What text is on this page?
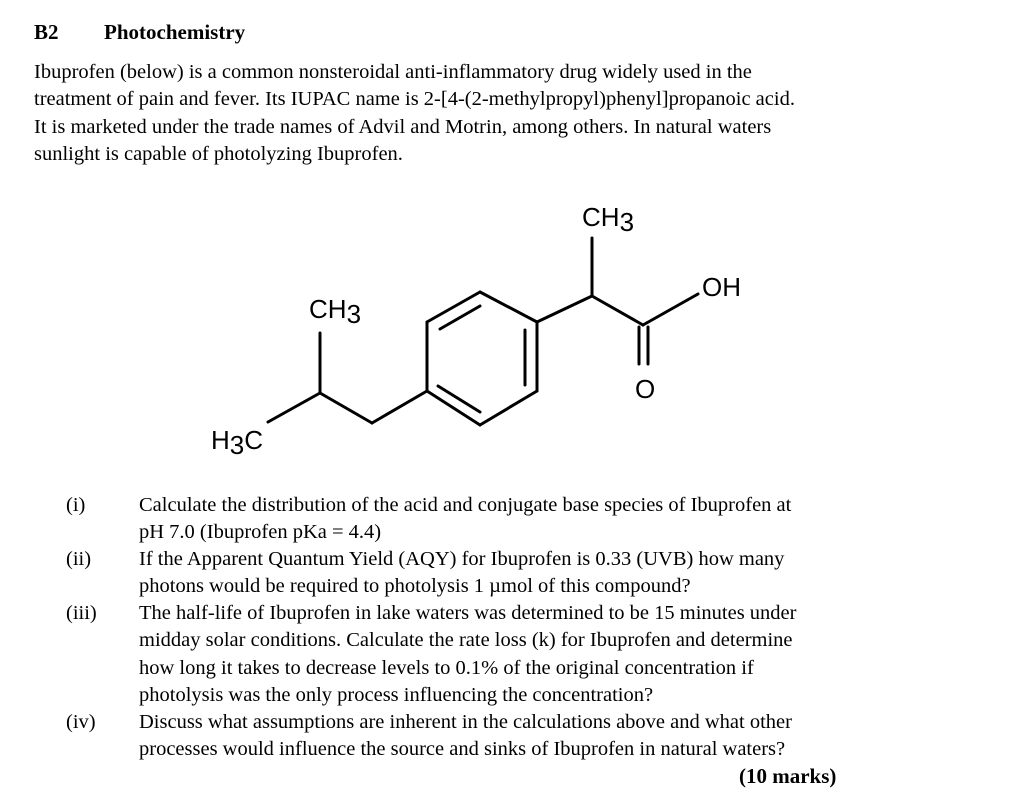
B2 Photochemistry

Ibuprofen (below) is a common nonsteroidal anti-inflammatory drug widely used in the
treatment of pain and fever. Its IUPAC name is 2-[4-(2-methylpropyl)phenyl]propanoic acid.
It is marketed under the trade names of Advil and Motrin, among others. In natural waters
sunlight is capable of photolyzing Ibuprofen.

CH3
OH
CH3
O
H3C
(i)	Calculate the distribution of the acid and conjugate base species of Ibuprofen at
pH 7.0 (Ibuprofen pKa = 4.4)
(ii) If the Apparent Quantum Yield (AQY) for Ibuprofen is 0.33 (UVB) how many
photons would be required to photolysis 1 µmol of this compound?
(iii) The half-life of Ibuprofen in lake waters was determined to be 15 minutes under
midday solar conditions. Calculate the rate loss (k) for Ibuprofen and determine
how long it takes to decrease levels to 0.1% of the original concentration if
photolysis was the only process influencing the concentration?
(iv) Discuss what assumptions are inherent in the calculations above and what other
processes would influence the source and sinks of Ibuprofen in natural waters?
(10 marks)
